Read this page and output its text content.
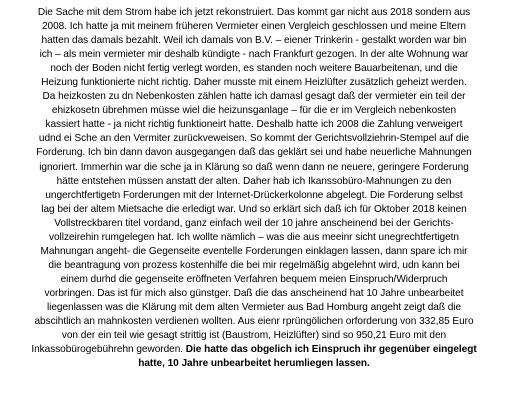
Die Sache mit dem Strom habe ich jetzt rekonstruiert. Das kommt gar nicht aus 2018 sondern aus
2008. Ich hatte ja mit meinem früheren Vermieter einen Vergleich geschlossen und meine Eltern
hatten das damals bezahlt. Weil ich damals von B.V. – eiener Trinkerin - gestalkt worden war bin
ich – als mein vermieter mir deshalb kündigte - nach Frankfurt gezogen. In der alte Wohnung war
noch der Boden nicht fertig verlegt worden, es standen noch weitere Bauarbeitenan, und die
Heizung funktionierte nicht richtig. Daher musste mit einem Heizlüfter zusätzlich geheizt werden.
Da heizkosten zu dn Nebenkosten zählen hatte ich damasl gesagt daß der vermieter ein teil der
ehizkosetn übrehmen müsse wiel die heizunsganlage – für die er im Vergleich nebenkosten
kassiert hatte - ja nicht richtig funktioneirt hatte. Deshalb hatte ich 2008 die Zahlung verweigert
udnd ei Sche an den Vermiter zurückveweisen. So kommt der Gerichtsvollziehrin-Stempel auf die
Forderung. Ich bin dann davon ausgegangen daß das geklärt sei und habe neuerliche Mahnungen
ignoriert. Immerhin war die sche ja in Klärung so daß wenn dann ne neuere, geringere Forderung
hätte entstehen müssen anstatt der alten. Daher hab ich Ikanssobüro-Mahnungen zu den
ungerchtfertigetn Forderungen mit der Internet-Drückerkolonne abgelegt. Die Forderung selbst
lag bei der altem Mietsache die erledigt war. Und so erklärt sich daß ich für Oktober 2018 keinen
Vollstreckbaren titel vordand, ganz einfach weil der 10 jahre anscheinend bei der Gerichts-
vollzeirehin rumgelegen hat. Ich wollte nämlich – was die aus meeinr sicht unegrechtfertigetn
Mahnungan angeht- die Gegenseite eventelle Forderungen einklagen lassen, dann spare ich mir
die beantragung von prozess kostenhilfe die bei mir regelmäßig abgelehnt wird, udn kann bei
einem durhd die gegenseite eröffneten Verfahren bequem meien Einspruch/Widerpruch
vorbringen. Das ist für mich also günstger. Daß die das anscheinend hat 10 Jahre unbearbeitet
liegenlassen was die Klärung mit dem alten Vermieter aus Bad Homburg angeht zeigt daß die
abscihtlich an mahnkosten verdienen wollten. Aus eienr rprüngölichen orforderung von 332,85 Euro
von der ein teil wie gesagt strittig ist (Baustrom, Heizlüfter) sind so 950,21 Euro mit den
Inkassobürogebührehn geworden. Die hatte das obgelich ich Einspruch ihr gegenüber eingelegt
hatte, 10 Jahre unbearbeitet herumliegen lassen.
